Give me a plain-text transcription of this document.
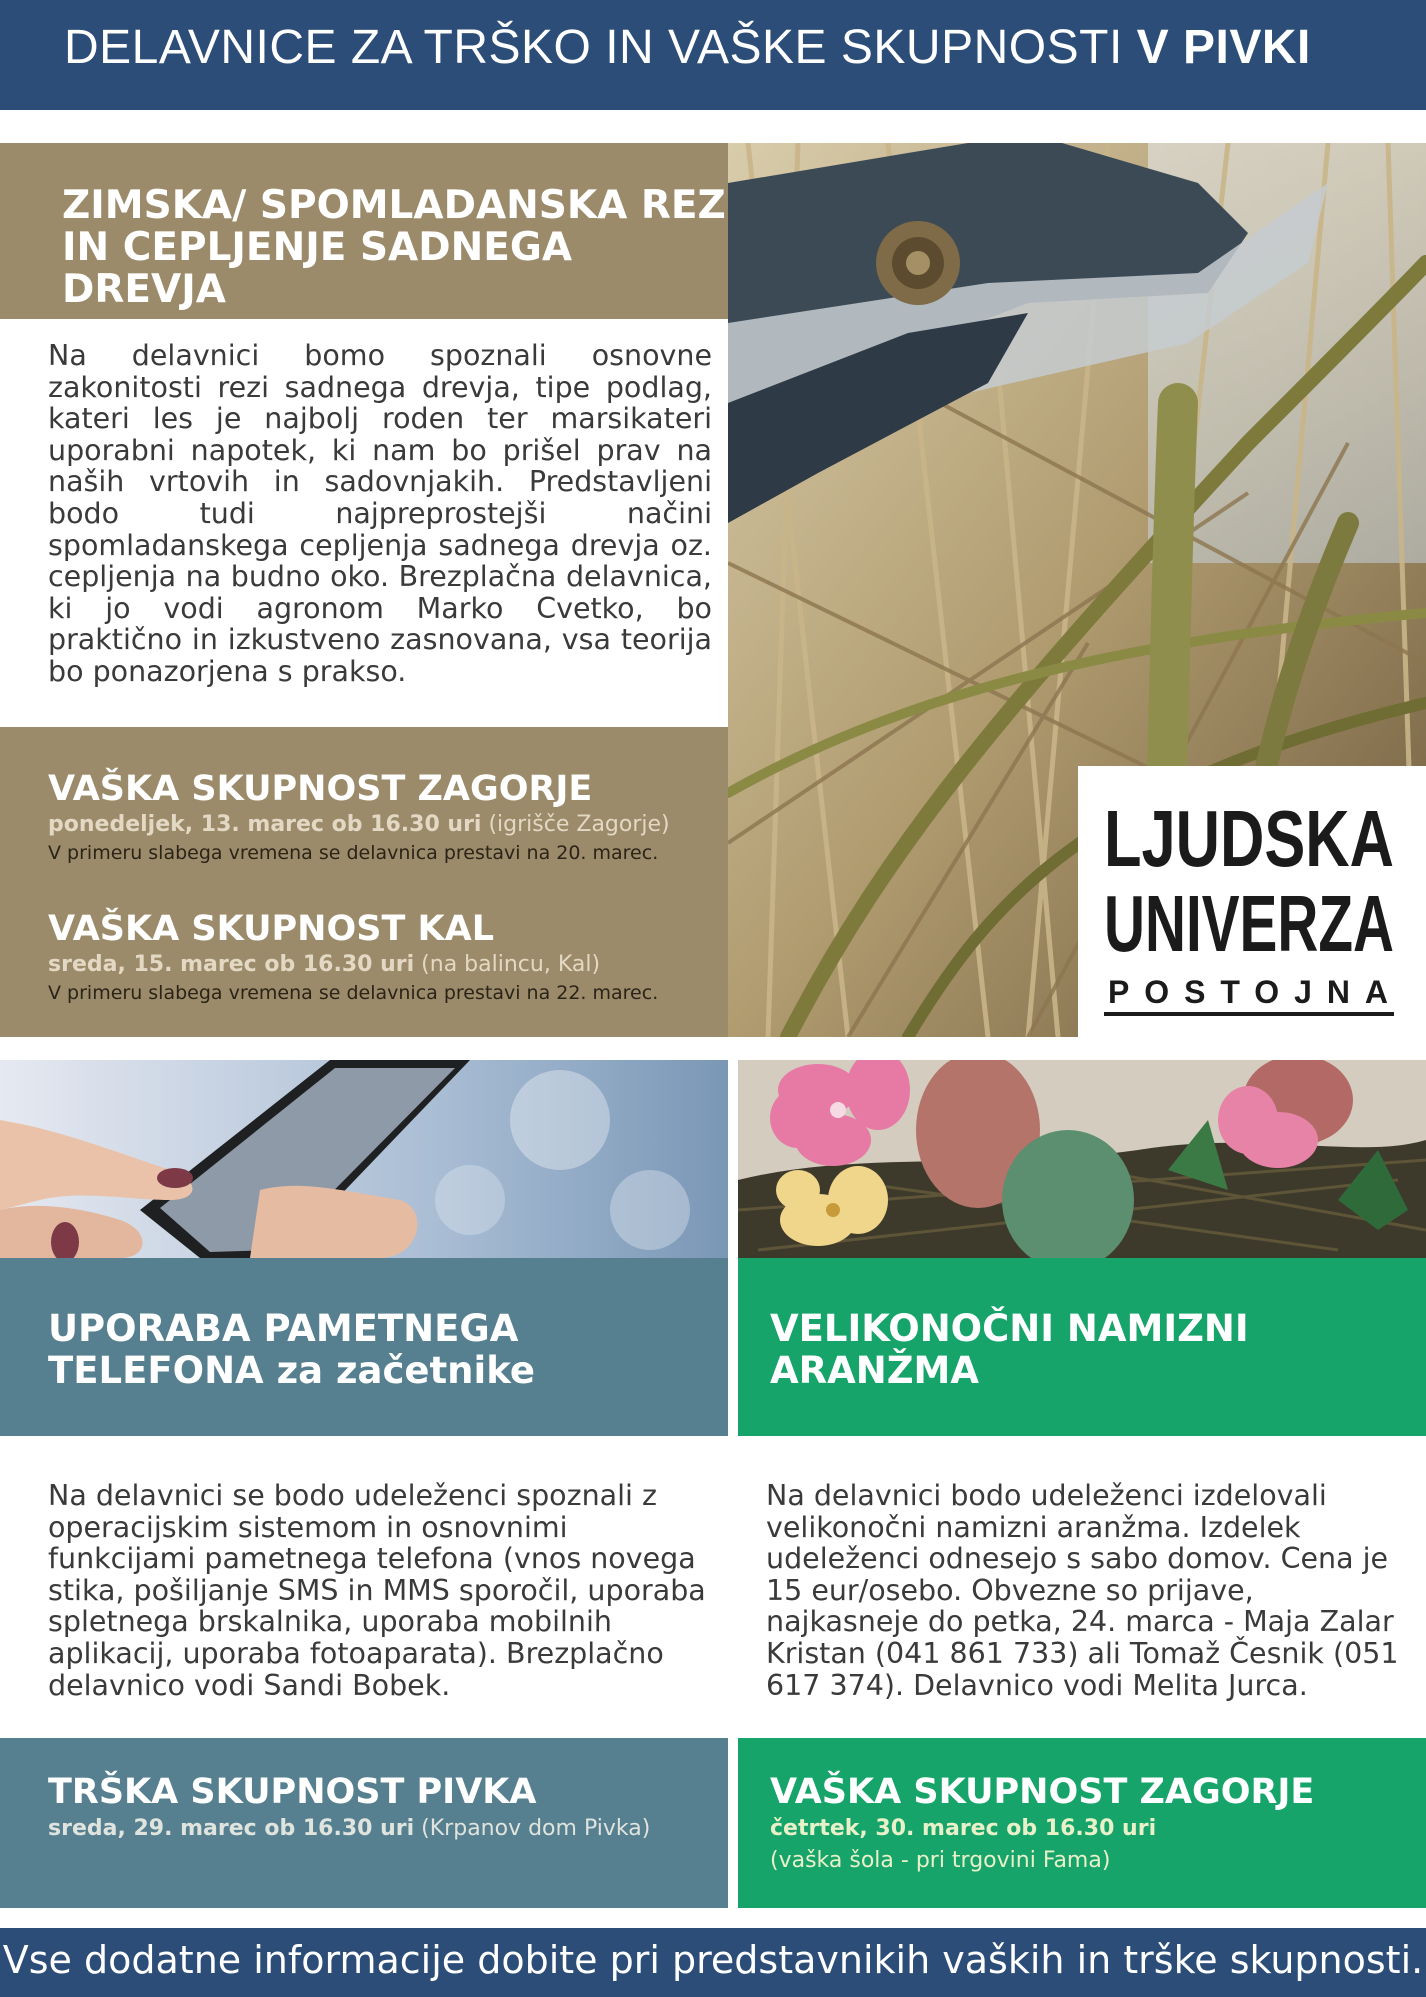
DELAVNICE ZA TRŠKO IN VAŠKE SKUPNOSTI V PIVKI
ZIMSKA/ SPOMLADANSKA REZ
IN CEPLJENJE SADNEGA DREVJA

Na delavnici bomo spoznali osnovne zakonitosti rezi sadnega drevja, tipe podlag, kateri les je najbolj roden ter marsikateri uporabni napotek, ki nam bo prišel prav na naših vrtovih in sadovnjakih. Predstavljeni bodo tudi najpreprostejši načini spomladanskega cepljenja sadnega drevja oz. cepljenja na budno oko. Brezplačna delavnica, ki jo vodi agronom Marko Cvetko, bo praktično in izkustveno zasnovana, vsa teorija bo ponazorjena s prakso.

VAŠKA SKUPNOST ZAGORJE

ponedeljek, 13. marec ob 16.30 uri (igrišče Zagorje)

V primeru slabega vremena se delavnica prestavi na 20. marec.

VAŠKA SKUPNOST KAL

sreda, 15. marec ob 16.30 uri (na balincu, Kal)

V primeru slabega vremena se delavnica prestavi na 22. marec.

LJUDSKA
UNIVERZA
POSTOJNA
UPORABA PAMETNEGA
TELEFONA za začetnike

Na delavnici se bodo udeleženci spoznali z operacijskim sistemom in osnovnimi funkcijami pametnega telefona (vnos novega stika, pošiljanje SMS in MMS sporočil, uporaba spletnega brskalnika, uporaba mobilnih aplikacij, uporaba fotoaparata). Brezplačno delavnico vodi Sandi Bobek.

TRŠKA SKUPNOST PIVKA

sreda, 29. marec ob 16.30 uri (Krpanov dom Pivka)

VELIKONOČNI NAMIZNI
ARANŽMA

Na delavnici bodo udeleženci izdelovali velikonočni namizni aranžma. Izdelek udeleženci odnesejo s sabo domov. Cena je 15 eur/osebo. Obvezne so prijave, najkasneje do petka, 24. marca - Maja Zalar Kristan (041 861 733) ali Tomaž Česnik (051 617 374). Delavnico vodi Melita Jurca.

VAŠKA SKUPNOST ZAGORJE

četrtek, 30. marec ob 16.30 uri

(vaška šola - pri trgovini Fama)

Vse dodatne informacije dobite pri predstavnikih vaških in trške skupnosti.
